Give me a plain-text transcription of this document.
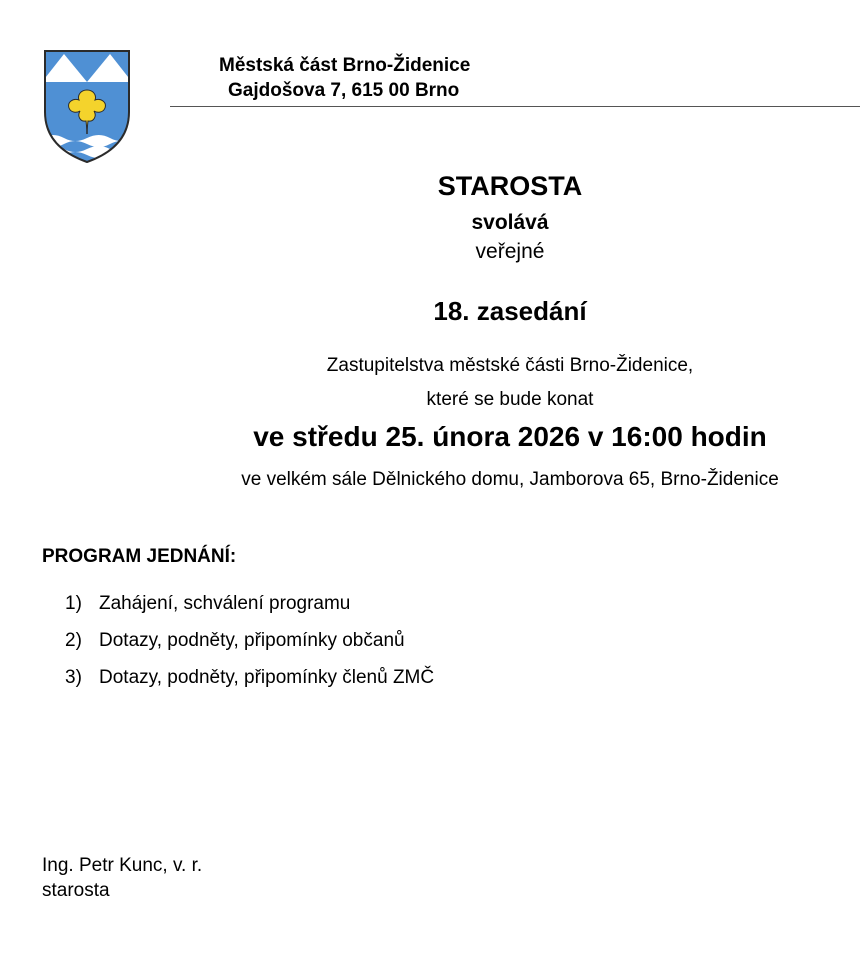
Městská část Brno-Židenice
Gajdošova 7, 615 00 Brno
STAROSTA
svolává
veřejné
18. zasedání
Zastupitelstva městské části Brno-Židenice,
které se bude konat
ve středu 25. února 2026 v 16:00 hodin
ve velkém sále Dělnického domu, Jamborova 65, Brno-Židenice
PROGRAM JEDNÁNÍ:
1) Zahájení, schválení programu
2) Dotazy, podněty, připomínky občanů
3) Dotazy, podněty, připomínky členů ZMČ
Ing. Petr Kunc, v. r.
starosta
